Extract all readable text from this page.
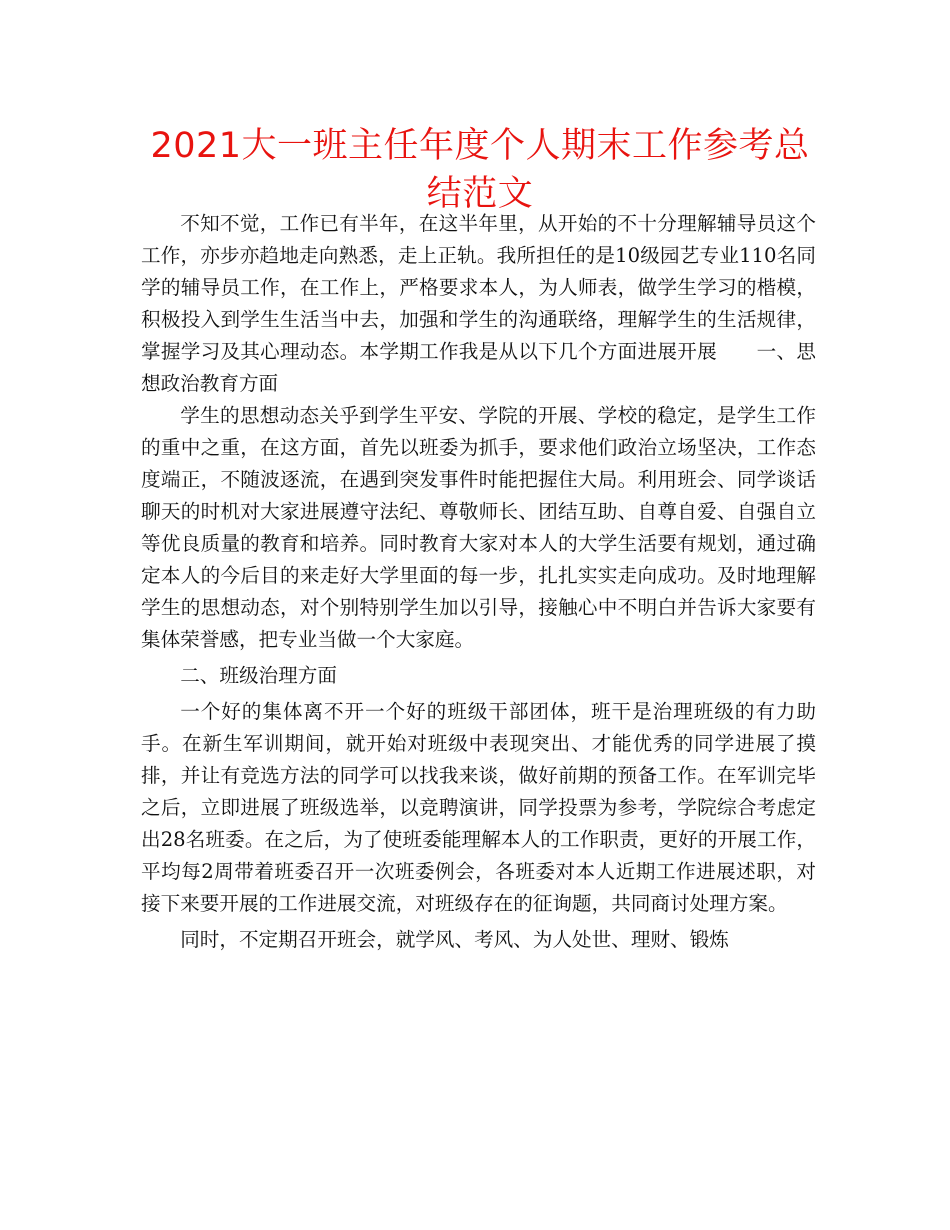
2021大一班主任年度个人期末工作参考总结范文

不知不觉，工作已有半年，在这半年里，从开始的不十分理解辅导员这个工作，亦步亦趋地走向熟悉，走上正轨。我所担任的是10级园艺专业110名同学的辅导员工作，在工作上，严格要求本人，为人师表，做学生学习的楷模，积极投入到学生生活当中去，加强和学生的沟通联络，理解学生的生活规律，掌握学习及其心理动态。本学期工作我是从以下几个方面进展开展　　一、思想政治教育方面

学生的思想动态关乎到学生平安、学院的开展、学校的稳定，是学生工作的重中之重，在这方面，首先以班委为抓手，要求他们政治立场坚决，工作态度端正，不随波逐流，在遇到突发事件时能把握住大局。利用班会、同学谈话聊天的时机对大家进展遵守法纪、尊敬师长、团结互助、自尊自爱、自强自立等优良质量的教育和培养。同时教育大家对本人的大学生活要有规划，通过确定本人的今后目的来走好大学里面的每一步，扎扎实实走向成功。及时地理解学生的思想动态，对个别特别学生加以引导，接触心中不明白并告诉大家要有集体荣誉感，把专业当做一个大家庭。

二、班级治理方面

一个好的集体离不开一个好的班级干部团体，班干是治理班级的有力助手。在新生军训期间，就开始对班级中表现突出、才能优秀的同学进展了摸排，并让有竞选方法的同学可以找我来谈，做好前期的预备工作。在军训完毕之后，立即进展了班级选举，以竞聘演讲，同学投票为参考，学院综合考虑定出28名班委。在之后，为了使班委能理解本人的工作职责，更好的开展工作，平均每2周带着班委召开一次班委例会，各班委对本人近期工作进展述职，对接下来要开展的工作进展交流，对班级存在的征询题，共同商讨处理方案。

同时，不定期召开班会，就学风、考风、为人处世、理财、锻炼
